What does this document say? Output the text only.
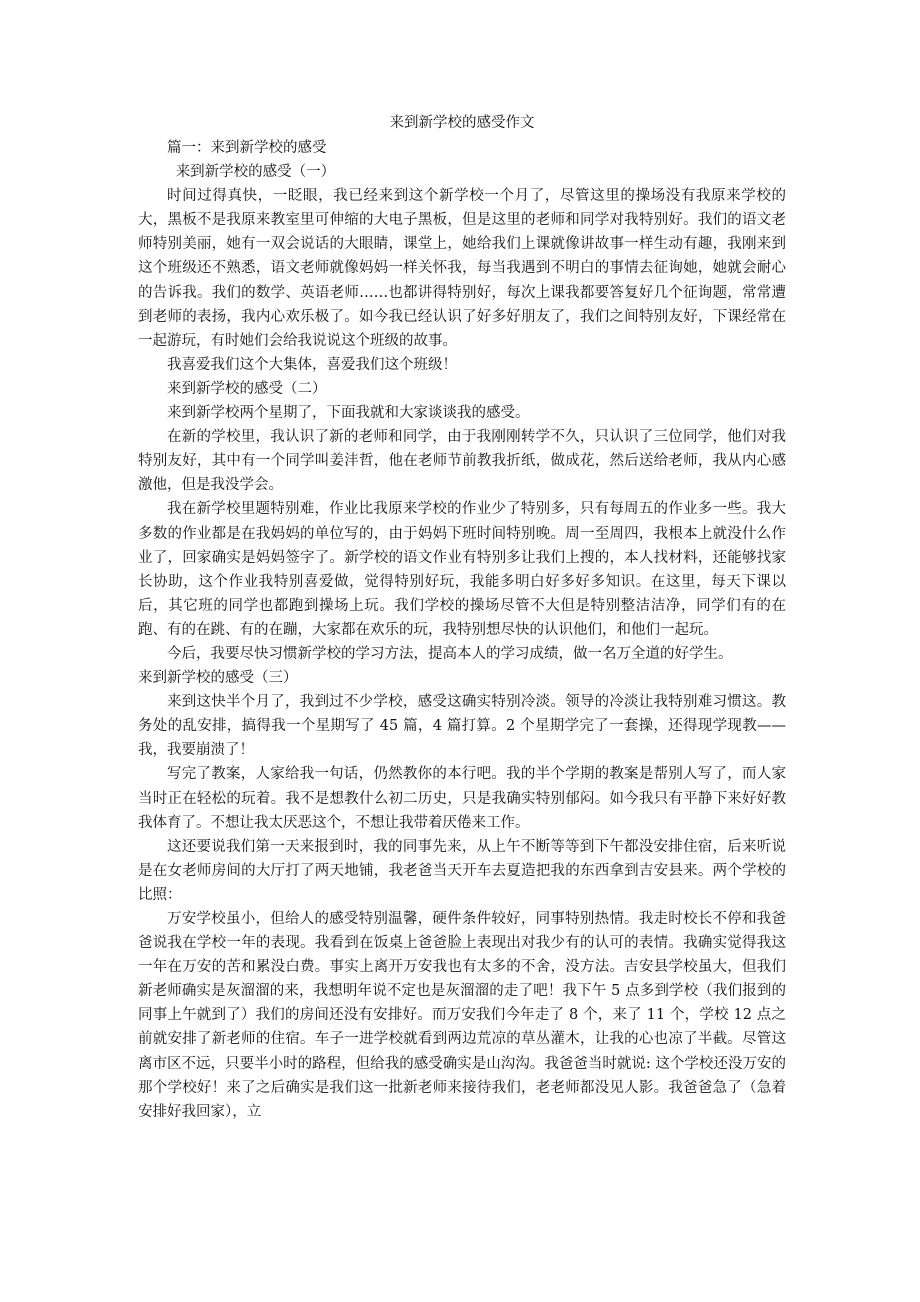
来到新学校的感受作文

篇一：来到新学校的感受

来到新学校的感受（一）

时间过得真快，一眨眼，我已经来到这个新学校一个月了，尽管这里的操场没有我原来学校的大，黑板不是我原来教室里可伸缩的大电子黑板，但是这里的老师和同学对我特别好。我们的语文老师特别美丽，她有一双会说话的大眼睛，课堂上，她给我们上课就像讲故事一样生动有趣，我刚来到这个班级还不熟悉，语文老师就像妈妈一样关怀我，每当我遇到不明白的事情去征询她，她就会耐心的告诉我。我们的数学、英语老师……也都讲得特别好，每次上课我都要答复好几个征询题，常常遭到老师的表扬，我内心欢乐极了。如今我已经认识了好多好朋友了，我们之间特别友好，下课经常在一起游玩，有时她们会给我说说这个班级的故事。

我喜爱我们这个大集体，喜爱我们这个班级！

来到新学校的感受（二）

来到新学校两个星期了，下面我就和大家谈谈我的感受。

在新的学校里，我认识了新的老师和同学，由于我刚刚转学不久，只认识了三位同学，他们对我特别友好，其中有一个同学叫姜沣哲，他在老师节前教我折纸，做成花，然后送给老师，我从内心感激他，但是我没学会。

我在新学校里题特别难，作业比我原来学校的作业少了特别多，只有每周五的作业多一些。我大多数的作业都是在我妈妈的单位写的，由于妈妈下班时间特别晚。周一至周四，我根本上就没什么作业了，回家确实是妈妈签字了。新学校的语文作业有特别多让我们上搜的，本人找材料，还能够找家长协助，这个作业我特别喜爱做，觉得特别好玩，我能多明白好多好多知识。在这里，每天下课以后，其它班的同学也都跑到操场上玩。我们学校的操场尽管不大但是特别整洁洁净，同学们有的在跑、有的在跳、有的在蹦，大家都在欢乐的玩，我特别想尽快的认识他们，和他们一起玩。

今后，我要尽快习惯新学校的学习方法，提高本人的学习成绩，做一名万全道的好学生。

来到新学校的感受（三）

来到这快半个月了，我到过不少学校，感受这确实特别冷淡。领导的冷淡让我特别难习惯这。教务处的乱安排，搞得我一个星期写了 45 篇，4 篇打算。2 个星期学完了一套操，还得现学现教——我，我要崩溃了！

写完了教案，人家给我一句话，仍然教你的本行吧。我的半个学期的教案是帮别人写了，而人家当时正在轻松的玩着。我不是想教什么初二历史，只是我确实特别郁闷。如今我只有平静下来好好教我体育了。不想让我太厌恶这个，不想让我带着厌倦来工作。

这还要说我们第一天来报到时，我的同事先来，从上午不断等等到下午都没安排住宿，后来听说是在女老师房间的大厅打了两天地铺，我老爸当天开车去夏造把我的东西拿到吉安县来。两个学校的比照：

万安学校虽小，但给人的感受特别温馨，硬件条件较好，同事特别热情。我走时校长不停和我爸爸说我在学校一年的表现。我看到在饭桌上爸爸脸上表现出对我少有的认可的表情。我确实觉得我这一年在万安的苦和累没白费。事实上离开万安我也有太多的不舍，没方法。吉安县学校虽大，但我们新老师确实是灰溜溜的来，我想明年说不定也是灰溜溜的走了吧！我下午 5 点多到学校（我们报到的同事上午就到了）我们的房间还没有安排好。而万安我们今年走了 8 个，来了 11 个，学校 12 点之前就安排了新老师的住宿。车子一进学校就看到两边荒凉的草丛灌木，让我的心也凉了半截。尽管这离市区不远，只要半小时的路程，但给我的感受确实是山沟沟。我爸爸当时就说: 这个学校还没万安的那个学校好！来了之后确实是我们这一批新老师来接待我们，老老师都没见人影。我爸爸急了（急着安排好我回家），立
